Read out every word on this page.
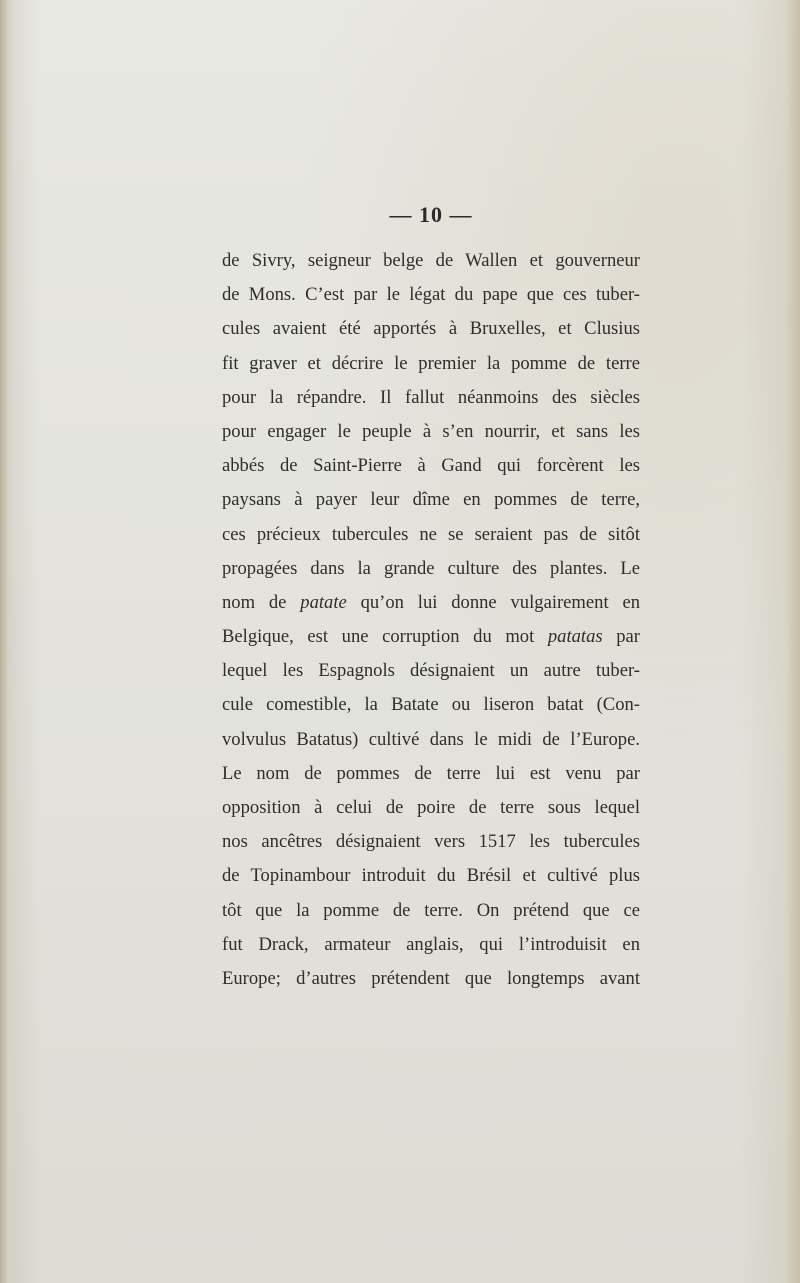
— 10 —
de Sivry, seigneur belge de Wallen et gouverneur
de Mons. C’est par le légat du pape que ces tuber-
cules avaient été apportés à Bruxelles, et Clusius
fit graver et décrire le premier la pomme de terre
pour la répandre. Il fallut néanmoins des siècles
pour engager le peuple à s’en nourrir, et sans les
abbés de Saint-Pierre à Gand qui forcèrent les
paysans à payer leur dîme en pommes de terre,
ces précieux tubercules ne se seraient pas de sitôt
propagées dans la grande culture des plantes. Le
nom de patate qu’on lui donne vulgairement en
Belgique, est une corruption du mot patatas par
lequel les Espagnols désignaient un autre tuber-
cule comestible, la Batate ou liseron batat (Con-
volvulus Batatus) cultivé dans le midi de l’Europe.
Le nom de pommes de terre lui est venu par
opposition à celui de poire de terre sous lequel
nos ancêtres désignaient vers 1517 les tubercules
de Topinambour introduit du Brésil et cultivé plus
tôt que la pomme de terre. On prétend que ce
fut Drack, armateur anglais, qui l’introduisit en
Europe; d’autres prétendent que longtemps avant
